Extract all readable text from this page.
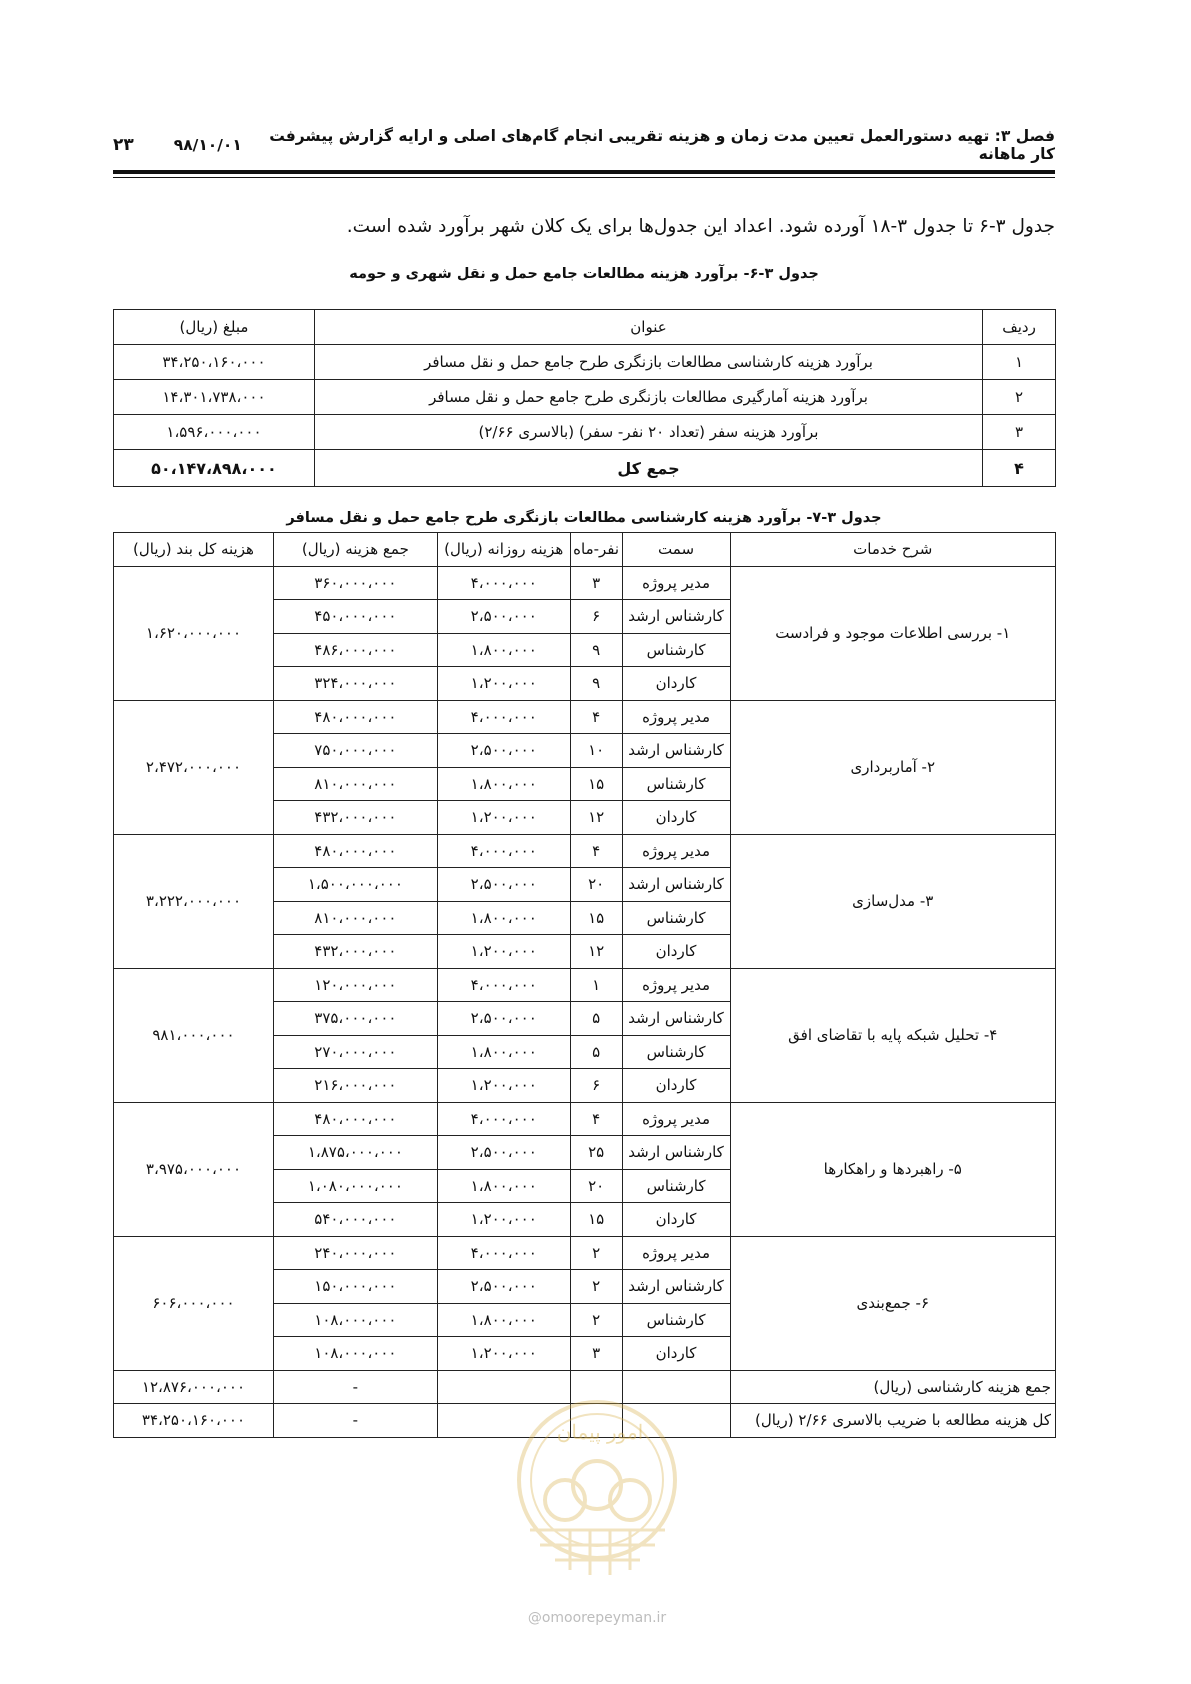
فصل ۳: تهیه دستورالعمل تعیین مدت زمان و هزینه تقریبی انجام گام‌های اصلی و ارایه گزارش پیشرفت کار ماهانه
۲۳	۹۸/۱۰/۰۱
جدول ۳-۶ تا جدول ۳-۱۸ آورده شود. اعداد این جدول‌ها برای یک کلان شهر برآورد شده است.
جدول ۳-۶- برآورد هزینه مطالعات جامع حمل و نقل شهری و حومه
ردیف	عنوان	مبلغ (ریال)
۱	برآورد هزینه کارشناسی مطالعات بازنگری طرح جامع حمل و نقل مسافر	۳۴،۲۵۰،۱۶۰،۰۰۰
۲	برآورد هزینه آمارگیری مطالعات بازنگری طرح جامع حمل و نقل مسافر	۱۴،۳۰۱،۷۳۸،۰۰۰
۳	برآورد هزینه سفر (تعداد ۲۰ نفر- سفر) (بالاسری ۲/۶۶)	۱،۵۹۶،۰۰۰،۰۰۰
۴	جمع کل	۵۰،۱۴۷،۸۹۸،۰۰۰
جدول ۳-۷- برآورد هزینه کارشناسی مطالعات بازنگری طرح جامع حمل و نقل مسافر
شرح خدمات	سمت	نفر-ماه	هزینه روزانه (ریال)	جمع هزینه (ریال)	هزینه کل بند (ریال)
۱- بررسی اطلاعات موجود و فرادست	مدیر پروژه	۳	۴،۰۰۰،۰۰۰	۳۶۰،۰۰۰،۰۰۰	۱،۶۲۰،۰۰۰،۰۰۰
	کارشناس ارشد	۶	۲،۵۰۰،۰۰۰	۴۵۰،۰۰۰،۰۰۰	
	کارشناس	۹	۱،۸۰۰،۰۰۰	۴۸۶،۰۰۰،۰۰۰	
	کاردان	۹	۱،۲۰۰،۰۰۰	۳۲۴،۰۰۰،۰۰۰	
۲- آماربرداری	مدیر پروژه	۴	۴،۰۰۰،۰۰۰	۴۸۰،۰۰۰،۰۰۰	۲،۴۷۲،۰۰۰،۰۰۰
	کارشناس ارشد	۱۰	۲،۵۰۰،۰۰۰	۷۵۰،۰۰۰،۰۰۰	
	کارشناس	۱۵	۱،۸۰۰،۰۰۰	۸۱۰،۰۰۰،۰۰۰	
	کاردان	۱۲	۱،۲۰۰،۰۰۰	۴۳۲،۰۰۰،۰۰۰	
۳- مدل‌سازی	مدیر پروژه	۴	۴،۰۰۰،۰۰۰	۴۸۰،۰۰۰،۰۰۰	۳،۲۲۲،۰۰۰،۰۰۰
	کارشناس ارشد	۲۰	۲،۵۰۰،۰۰۰	۱،۵۰۰،۰۰۰،۰۰۰	
	کارشناس	۱۵	۱،۸۰۰،۰۰۰	۸۱۰،۰۰۰،۰۰۰	
	کاردان	۱۲	۱،۲۰۰،۰۰۰	۴۳۲،۰۰۰،۰۰۰	
۴- تحلیل شبکه پایه با تقاضای افق	مدیر پروژه	۱	۴،۰۰۰،۰۰۰	۱۲۰،۰۰۰،۰۰۰	۹۸۱،۰۰۰،۰۰۰
	کارشناس ارشد	۵	۲،۵۰۰،۰۰۰	۳۷۵،۰۰۰،۰۰۰	
	کارشناس	۵	۱،۸۰۰،۰۰۰	۲۷۰،۰۰۰،۰۰۰	
	کاردان	۶	۱،۲۰۰،۰۰۰	۲۱۶،۰۰۰،۰۰۰	
۵- راهبردها و راهکارها	مدیر پروژه	۴	۴،۰۰۰،۰۰۰	۴۸۰،۰۰۰،۰۰۰	۳،۹۷۵،۰۰۰،۰۰۰
	کارشناس ارشد	۲۵	۲،۵۰۰،۰۰۰	۱،۸۷۵،۰۰۰،۰۰۰	
	کارشناس	۲۰	۱،۸۰۰،۰۰۰	۱،۰۸۰،۰۰۰،۰۰۰	
	کاردان	۱۵	۱،۲۰۰،۰۰۰	۵۴۰،۰۰۰،۰۰۰	
۶- جمع‌بندی	مدیر پروژه	۲	۴،۰۰۰،۰۰۰	۲۴۰،۰۰۰،۰۰۰	۶۰۶،۰۰۰،۰۰۰
	کارشناس ارشد	۲	۲،۵۰۰،۰۰۰	۱۵۰،۰۰۰،۰۰۰	
	کارشناس	۲	۱،۸۰۰،۰۰۰	۱۰۸،۰۰۰،۰۰۰	
	کاردان	۳	۱،۲۰۰،۰۰۰	۱۰۸،۰۰۰،۰۰۰	
جمع هزینه کارشناسی (ریال)				-	۱۲،۸۷۶،۰۰۰،۰۰۰
کل هزینه مطالعه با ضریب بالاسری ۲/۶۶ (ریال)				-	۳۴،۲۵۰،۱۶۰،۰۰۰	امور پیمان
@omoorepeyman.ir
